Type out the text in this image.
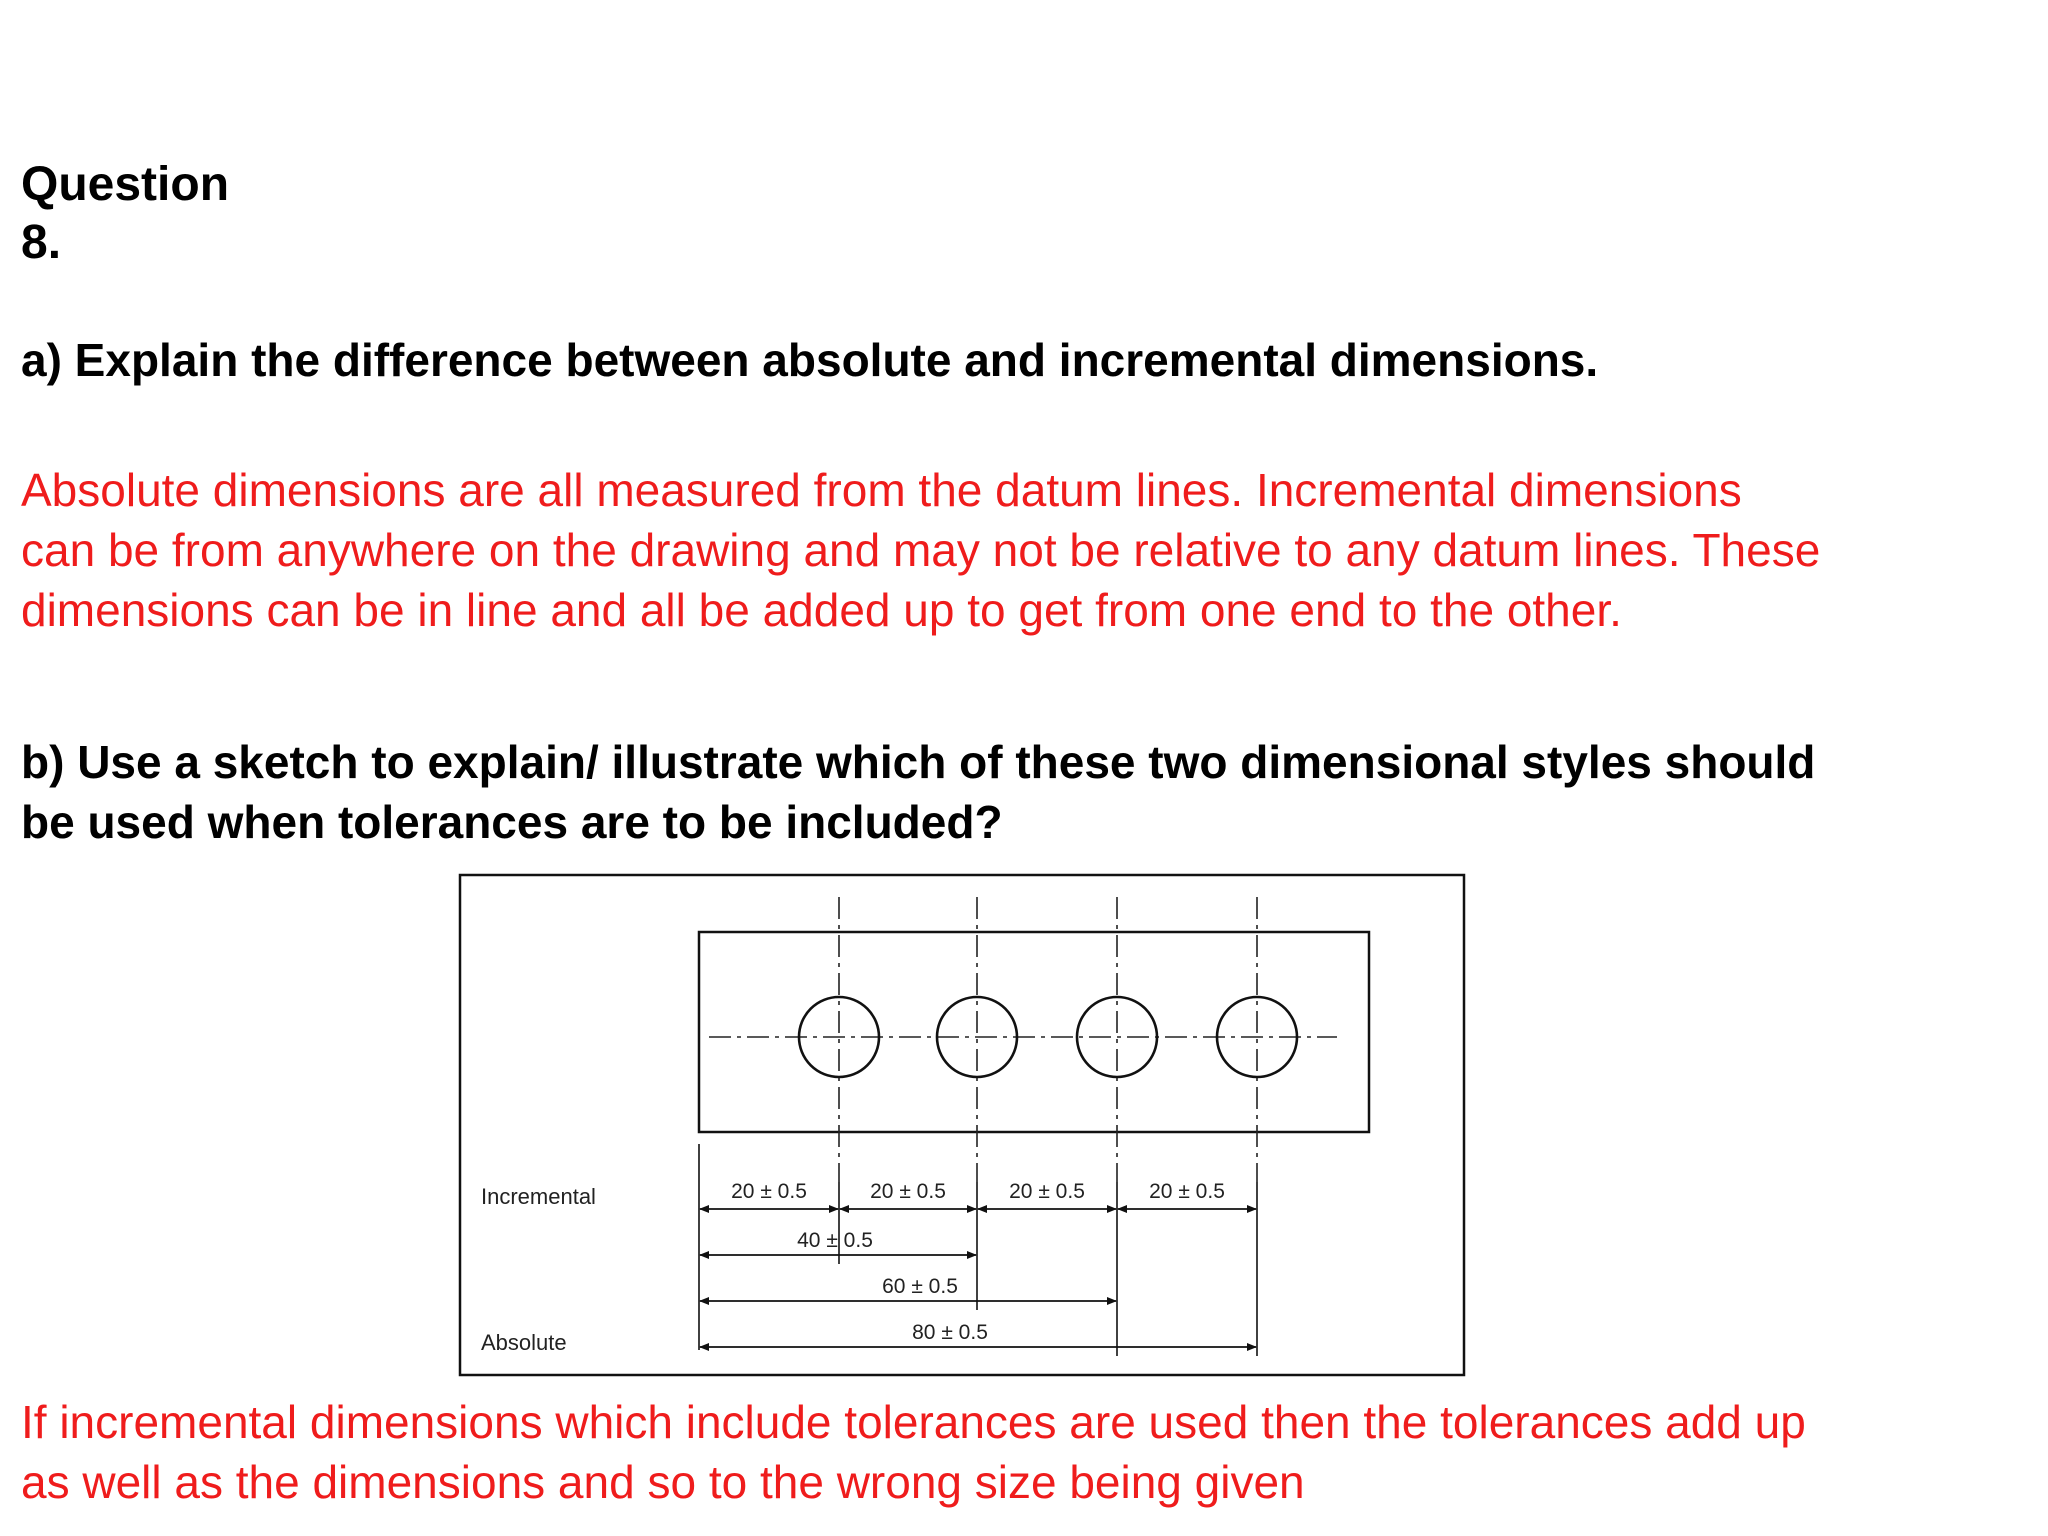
Question
8.

a) Explain the difference between absolute and incremental dimensions.

Absolute dimensions are all measured from the datum lines. Incremental dimensions
can be from anywhere on the drawing and may not be relative to any datum lines. These
dimensions can be in line and all be added up to get from one end to the other.

b) Use a sketch to explain/ illustrate which of these two dimensional styles should
be used when tolerances are to be included?

Incremental
Absolute
20 ± 0.5	20 ± 0.5	20 ± 0.5	20 ± 0.5
40 ± 0.5
60 ± 0.5
80 ± 0.5

If incremental dimensions which include tolerances are used then the tolerances add up
as well as the dimensions and so to the wrong size being given
